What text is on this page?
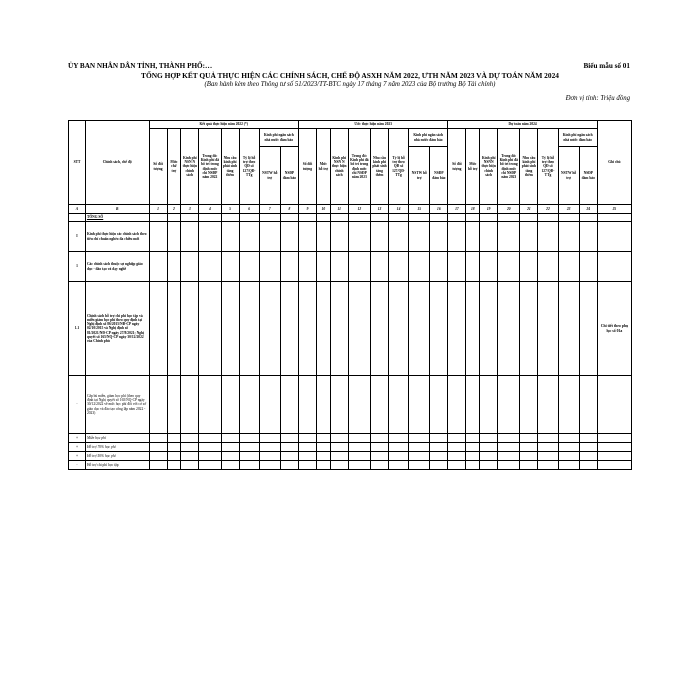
ỦY BAN NHÂN DÂN TỈNH, THÀNH PHỐ:…	Biểu mẫu số 01
TỔNG HỢP KẾT QUẢ THỰC HIỆN CÁC CHÍNH SÁCH, CHẾ ĐỘ ASXH NĂM 2022, ƯTH NĂM 2023 VÀ DỰ TOÁN NĂM 2024
(Ban hành kèm theo Thông tư số 51/2023/TT-BTC ngày 17 tháng 7 năm 2023 của Bộ trưởng Bộ Tài chính)
Đơn vị tính: Triệu đồng
STT	Chính sách, chế độ	Kết quả thực hiện năm 2022 (*)								Ước thực hiện năm 2023								Dự toán năm 2024								Ghi chú
		Số đối tượng	Mức chi/ trợ	Kinh phí NSN N thực hiện chính sách	Trong đó: Kinh phí đã bố trí trong định mức chi NSĐP năm 2022	Nhu cầu kinh phí phát sinh tăng thêm	Tỷ lệ hỗ trợ theo QĐ số 127/QĐ-TTg	Kinh phí ngân sách nhà nước đảm bảo		Số đối tượng	Mức hỗ trợ	Kinh phí NSN N thực hiện chính sách	Trong đó: Kinh phí đã bố trí trong định mức chi NSĐP năm 2023	Nhu cầu kinh phí phát sinh tăng thêm	Tỷ lệ hỗ trợ theo QĐ số 127/QĐ-TTg	Kinh phí ngân sách nhà nước đảm bảo		Số đối tượng	Mức hỗ trợ	Kinh phí NSNN thực hiện chính sách	Trong đó: Kinh phí đã bố trí trong định mức chi NSĐP năm 2023	Nhu cầu kinh phí phát sinh tăng thêm	Tỷ lệ hỗ trợ theo QĐ số 127/QĐ-TTg	Kinh phí ngân sách nhà nước đảm bảo		
								NSTW hỗ trợ	NSĐP đảm bảo							NSTW hỗ trợ	NSĐP đảm bảo							NSTW hỗ trợ	NSĐP đảm bảo	
A	B	1	2	3	4	5	6	7	8	9	10	11	12	13	14	15	16	17	18	19	20	21	22	23	24	25
	TỔNG SỐ																									
I	Kinh phí thực hiện các chính sách theo tiêu chí chuẩn nghèo đa chiều mới																									
1	Các chính sách thuộc sự nghiệp giáo dục - đào tạo và dạy nghề																									
1.1	Chính sách hỗ trợ chi phí học tập và miễn giảm học phí theo quy định tại Nghị định số 86/2015/NĐ-CP ngày 02/10/2015 và Nghị định số 81/2021/NĐ-CP ngày 27/8/2021; Nghị quyết số 165/NQ-CP ngày 30/12/2022 của Chính phủ																									Chi tiết theo phụ lục số 01a
-	Cấp bù miễn, giảm học phí (theo quy định tại Nghị quyết số 165/NQ-CP ngày 30/12/2022 về mức học phí đối với cơ sở giáo dục và đào tạo công lập năm 2022 - 2023)																									
+	Miễn học phí																									
+	Hỗ trợ 70% học phí																									
+	Hỗ trợ 50% học phí																									
-	Hỗ trợ chi phí học tập																									
